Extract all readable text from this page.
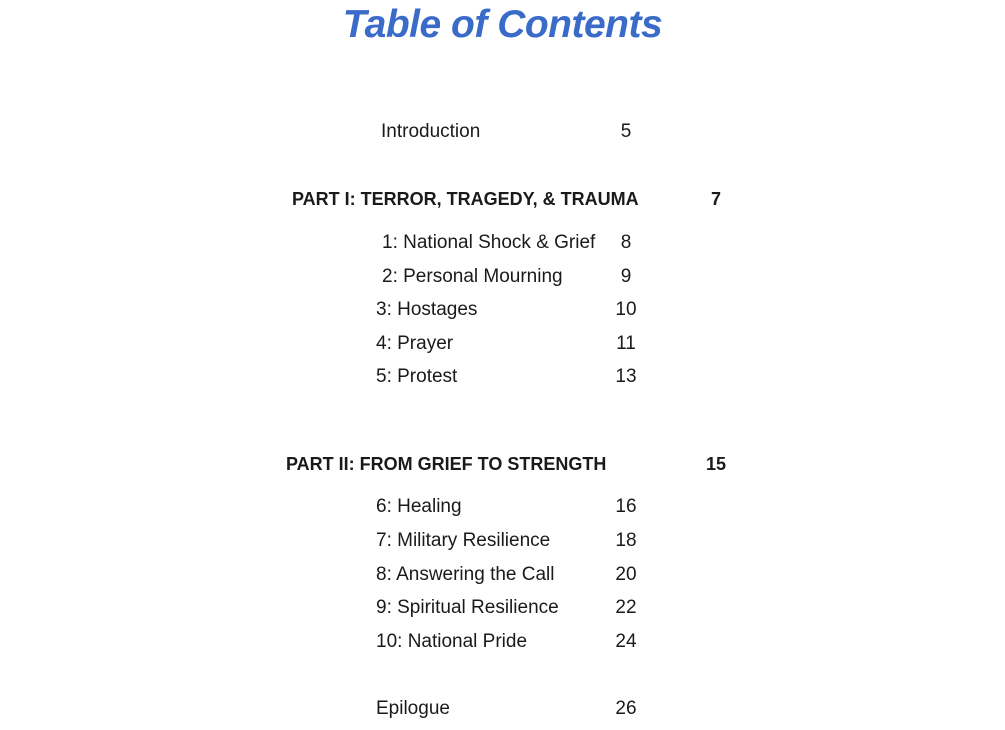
Table of Contents
Introduction	5
PART I: TERROR, TRAGEDY, & TRAUMA	7
1: National Shock & Grief	8
2: Personal Mourning	9
3: Hostages	10
4: Prayer	11
5: Protest	13
PART II: FROM GRIEF TO STRENGTH	15
6: Healing	16
7: Military Resilience	18
8: Answering the Call	20
9: Spiritual Resilience	22
10: National Pride	24
Epilogue	26
